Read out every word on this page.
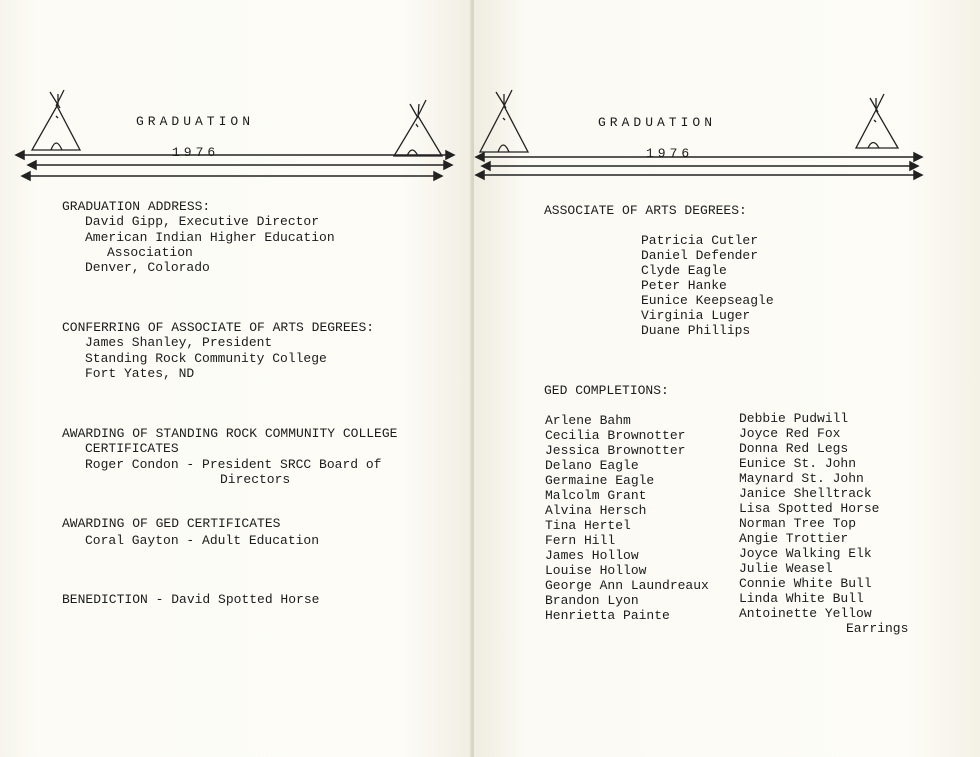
GRADUATION
1976
GRADUATION ADDRESS:
David Gipp, Executive Director
American Indian Higher Education
Association
Denver, Colorado
CONFERRING OF ASSOCIATE OF ARTS DEGREES:
James Shanley, President
Standing Rock Community College
Fort Yates, ND
AWARDING OF STANDING ROCK COMMUNITY COLLEGE
CERTIFICATES
Roger Condon - President SRCC Board of
Directors
AWARDING OF GED CERTIFICATES
Coral Gayton - Adult Education
BENEDICTION - David Spotted Horse
GRADUATION
1976
ASSOCIATE OF ARTS DEGREES:
Patricia Cutler
Daniel Defender
Clyde Eagle
Peter Hanke
Eunice Keepseagle
Virginia Luger
Duane Phillips
GED COMPLETIONS:
Arlene Bahm
Cecilia Brownotter
Jessica Brownotter
Delano Eagle
Germaine Eagle
Malcolm Grant
Alvina Hersch
Tina Hertel
Fern Hill
James Hollow
Louise Hollow
George Ann Laundreaux
Brandon Lyon
Henrietta Painte
Debbie Pudwill
Joyce Red Fox
Donna Red Legs
Eunice St. John
Maynard St. John
Janice Shelltrack
Lisa Spotted Horse
Norman Tree Top
Angie Trottier
Joyce Walking Elk
Julie Weasel
Connie White Bull
Linda White Bull
Antoinette Yellow
Earrings
